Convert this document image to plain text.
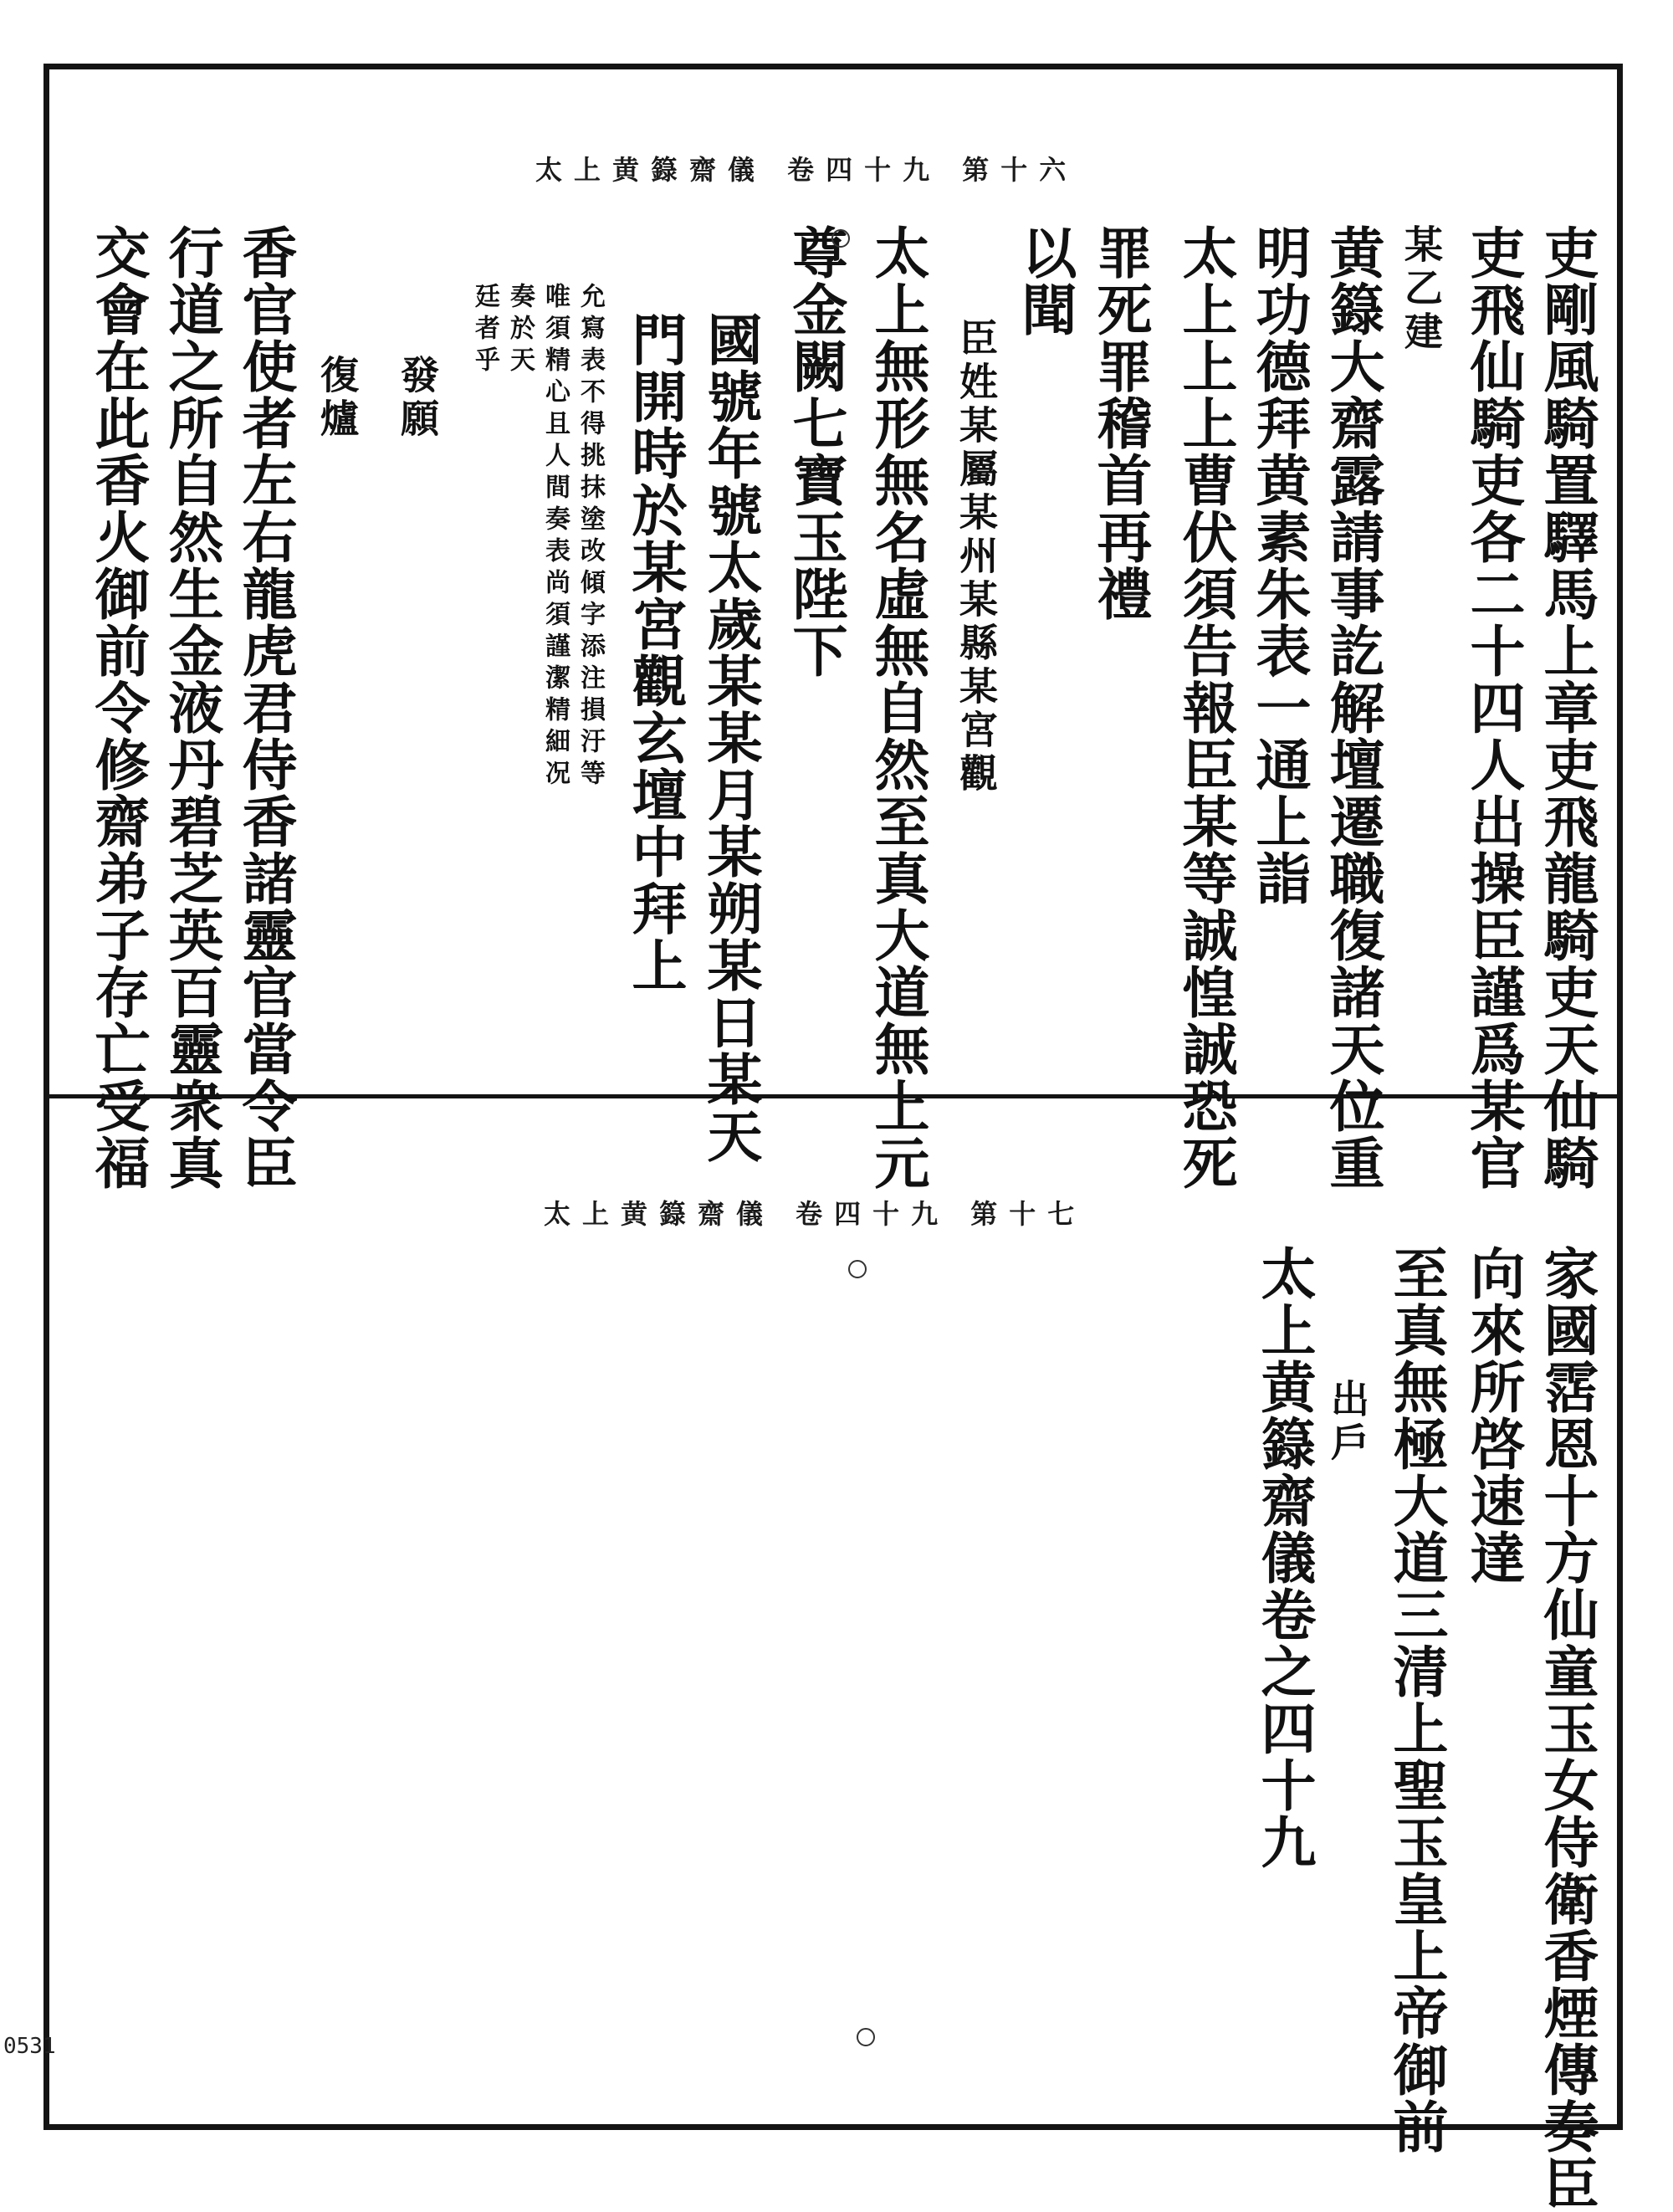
0531
太上黄籙齋儀 卷四十九 第十六
吏剛風騎置驛馬上章吏飛龍騎吏天仙騎
吏飛仙騎吏各二十四人出操臣謹爲某官
某乙建
黄籙大齋露請事訖解壇遷職復諸天位重
明功德拜黄素朱表一通上詣
太上上上曹伏須告報臣某等誠惶誠恐死
罪死罪稽首再禮
以聞
臣姓某屬某州某縣某宮觀
太上無形無名虛無自然至真大道無上元
尊金闕七寶玉陛下
國號年號太歲某某月某朔某日某天
門開時於某宮觀玄壇中拜上
允寫表不得挑抹塗改傾字添注損汙等
唯須精心且人間奏表尚須謹潔精細况
奏於天
廷者乎
發願
復爐
香官使者左右龍虎君侍香諸靈官當令臣
行道之所自然生金液丹碧芝英百靈衆真
交會在此香火御前令修齋弟子存亡受福
太上黄籙齋儀 卷四十九 第十七
家國霑恩十方仙童玉女侍衛香煙傳奏臣
向來所啓速達
至真無極大道三清上聖玉皇上帝御前
出戶
太上黄籙齋儀卷之四十九
